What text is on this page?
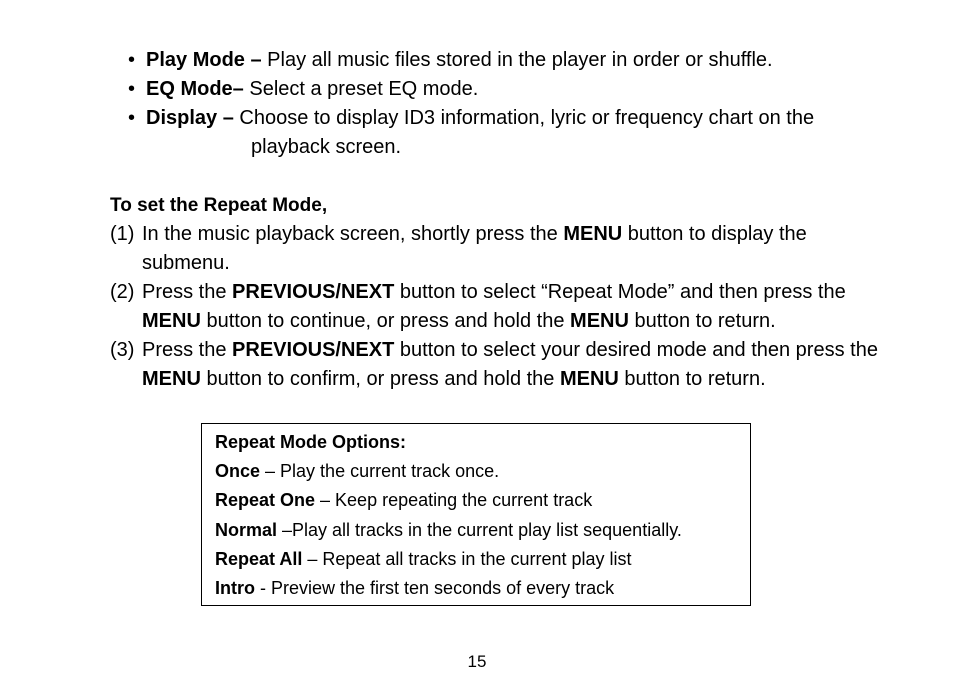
• Play Mode – Play all music files stored in the player in order or shuffle.
• EQ Mode– Select a preset EQ mode.
• Display – Choose to display ID3 information, lyric or frequency chart on the
playback screen.
To set the Repeat Mode,
(1) In the music playback screen, shortly press the MENU button to display the submenu.
(2) Press the PREVIOUS/NEXT button to select “Repeat Mode” and then press the MENU button to continue, or press and hold the MENU button to return.
(3) Press the PREVIOUS/NEXT button to select your desired mode and then press the MENU button to confirm, or press and hold the MENU button to return.
Repeat Mode Options:
Once – Play the current track once.
Repeat One – Keep repeating the current track
Normal –Play all tracks in the current play list sequentially.
Repeat All – Repeat all tracks in the current play list
Intro - Preview the first ten seconds of every track
15
